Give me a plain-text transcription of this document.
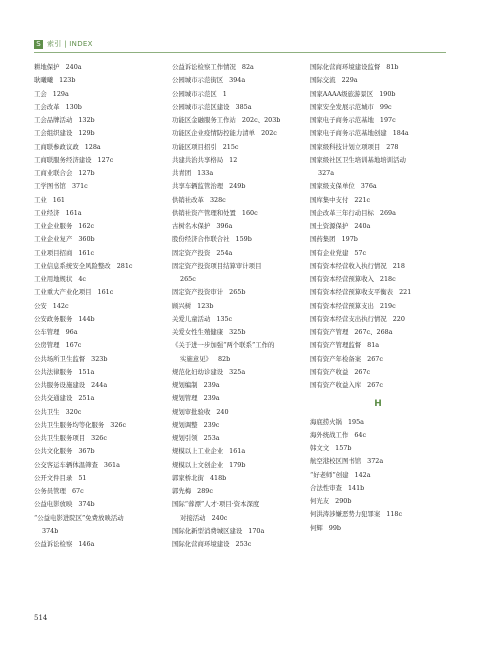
S 索引 | INDEX
耕地保护 240a
耿曦曦 123b
工会 129a
工会改革 130b
工会品牌活动 132b
工会组织建设 129b
工商联参政议政 128a
工商联服务经济建设 127c
工商业联合会 127b
工学图书馆 371c
工业 161
工业经济 161a
工业企业服务 162c
工业企业复产 360b
工业项目招商 161c
工业信息系统安全风险整改 281c
工业用地规状 4c
工业重大产业化项目 161c
公安 142c
公安政务服务 144b
公车管理 96a
公房管理 167c
公共场所卫生监督 323b
公共法律服务 151a
公共服务设施建设 244a
公共交通建设 251a
公共卫生 320c
公共卫生服务均等化服务 326c
公共卫生服务项目 326c
公共文化服务 367b
公交客运车辆体温筛查 361a
公开文件目录 51
公务员管理 67c
公益电影放映 374b
“公益电影进院区”免费放映活动
374b
公益诉讼检察 146a
公益诉讼检察工作情况 82a
公园城市示范街区 394a
公园城市示范区 1
公园城市示范区建设 385a
功能区金融服务工作站 202c、203b
功能区企业疫情防控能力清单 202c
功能区项目招引 215c
共建共治共享格局 12
共青团 133a
共享车辆监管治理 249b
供销社改革 328c
供销社资产管理和处置 160c
古树名木保护 396a
股份经济合作联合社 159b
固定资产投资 254a
固定资产投资项目结算审计项目
265c
固定资产投资审计 265b
顾兴树 123b
关爱儿童活动 135c
关爱女性生殖健康 325b
《关于进一步加强“两个联系”工作的
实施意见》 82b
规范化妇幼诊建设 325a
规划编制 239a
规划管理 239a
规划审批验收 240
规划调整 239c
规划引领 253a
规模以上工业企业 161a
规模以上文创企业 179b
郭家桥北街 418b
郭先梅 289c
国际“蓉漂”人才·项目·资本深度
对接活动 240c
国际化新型消费城区建设 170a
国际化营商环境建设 253c
国际化营商环境建设监督 81b
国际交流 229a
国家AAAA级旅游景区 190b
国家安全发展示范城市 99c
国家电子商务示范基地 197c
国家电子商务示范基地创建 184a
国家级科技计划立项项目 278
国家级社区卫生培训基地培训活动
327a
国家级支保单位 376a
国库集中支付 221c
国企改革三年行动目标 269a
国土资源保护 240a
国药集团 197b
国有企业党建 57c
国有资本经营收入执行情况 218
国有资本经营预算收入 218c
国有资本经营预算收支平衡表 221
国有资本经营预算支出 219c
国有资本经营支出执行情况 220
国有资产管理 267c、268a
国有资产管理监督 81a
国有资产年检备案 267c
国有资产收益 267c
国有资产收益入库 267c
H
海底捞火锅 195a
海外统战工作 64c
韩文文 157b
航空港校区图书馆 372a
“好老师”创建 142a
合法性审查 141b
何光友 290b
何洪涛涉嫌恶势力犯罪案 118c
何辉 99b
514
